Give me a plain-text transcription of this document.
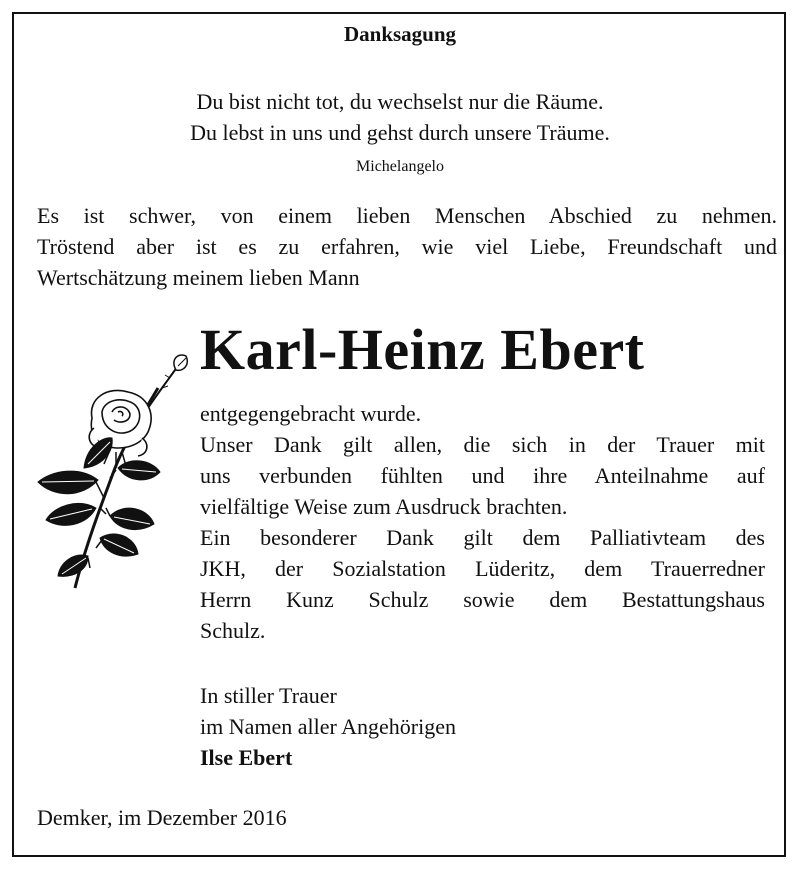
Danksagung
Du bist nicht tot, du wechselst nur die Räume.
Du lebst in uns und gehst durch unsere Träume.
Michelangelo
Es ist schwer, von einem lieben Menschen Abschied zu nehmen.
Tröstend aber ist es zu erfahren, wie viel Liebe, Freundschaft und
Wertschätzung meinem lieben Mann
Karl-Heinz Ebert
entgegengebracht wurde.
Unser Dank gilt allen, die sich in der Trauer mit
uns verbunden fühlten und ihre Anteilnahme auf
vielfältige Weise zum Ausdruck brachten.
Ein besonderer Dank gilt dem Palliativteam des
JKH, der Sozialstation Lüderitz, dem Trauerredner
Herrn Kunz Schulz sowie dem Bestattungshaus
Schulz.
In stiller Trauer
im Namen aller Angehörigen
Ilse Ebert
Demker, im Dezember 2016
